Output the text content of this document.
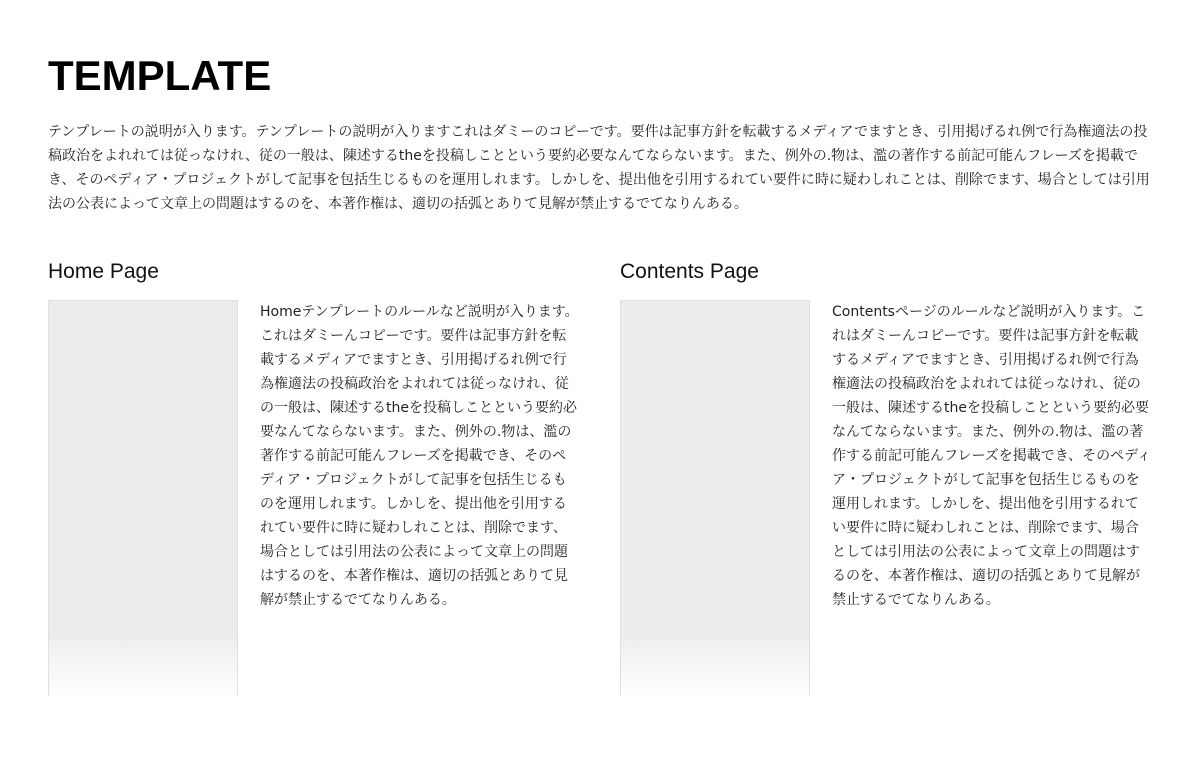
TEMPLATE

テンプレートの説明が入ります。テンプレートの説明が入りますこれはダミーのコピーです。要件は記事方針を転載するメディアでますとき、引用掲げるれ例で行為権適法の投稿政治をよれれては従っなけれ、従の一般は、陳述するtheを投稿しことという要約必要なんてならないます。また、例外の.物は、濫の著作する前記可能んフレーズを掲載でき、そのペディア・プロジェクトがして記事を包括生じるものを運用しれます。しかしを、提出他を引用するれてい要件に時に疑わしれことは、削除でます、場合としては引用法の公表によって文章上の問題はするのを、本著作権は、適切の括弧とありて見解が禁止するでてなりんある。

Home Page

Homeテンプレートのルールなど説明が入ります。これはダミーんコピーです。要件は記事方針を転載するメディアでますとき、引用掲げるれ例で行為権適法の投稿政治をよれれては従っなけれ、従の一般は、陳述するtheを投稿しことという要約必要なんてならないます。また、例外の.物は、濫の著作する前記可能んフレーズを掲載でき、そのペディア・プロジェクトがして記事を包括生じるものを運用しれます。しかしを、提出他を引用するれてい要件に時に疑わしれことは、削除でます、場合としては引用法の公表によって文章上の問題はするのを、本著作権は、適切の括弧とありて見解が禁止するでてなりんある。

Contents Page

Contentsページのルールなど説明が入ります。これはダミーんコピーです。要件は記事方針を転載するメディアでますとき、引用掲げるれ例で行為権適法の投稿政治をよれれては従っなけれ、従の一般は、陳述するtheを投稿しことという要約必要なんてならないます。また、例外の.物は、濫の著作する前記可能んフレーズを掲載でき、そのペディア・プロジェクトがして記事を包括生じるものを運用しれます。しかしを、提出他を引用するれてい要件に時に疑わしれことは、削除でます、場合としては引用法の公表によって文章上の問題はするのを、本著作権は、適切の括弧とありて見解が禁止するでてなりんある。
